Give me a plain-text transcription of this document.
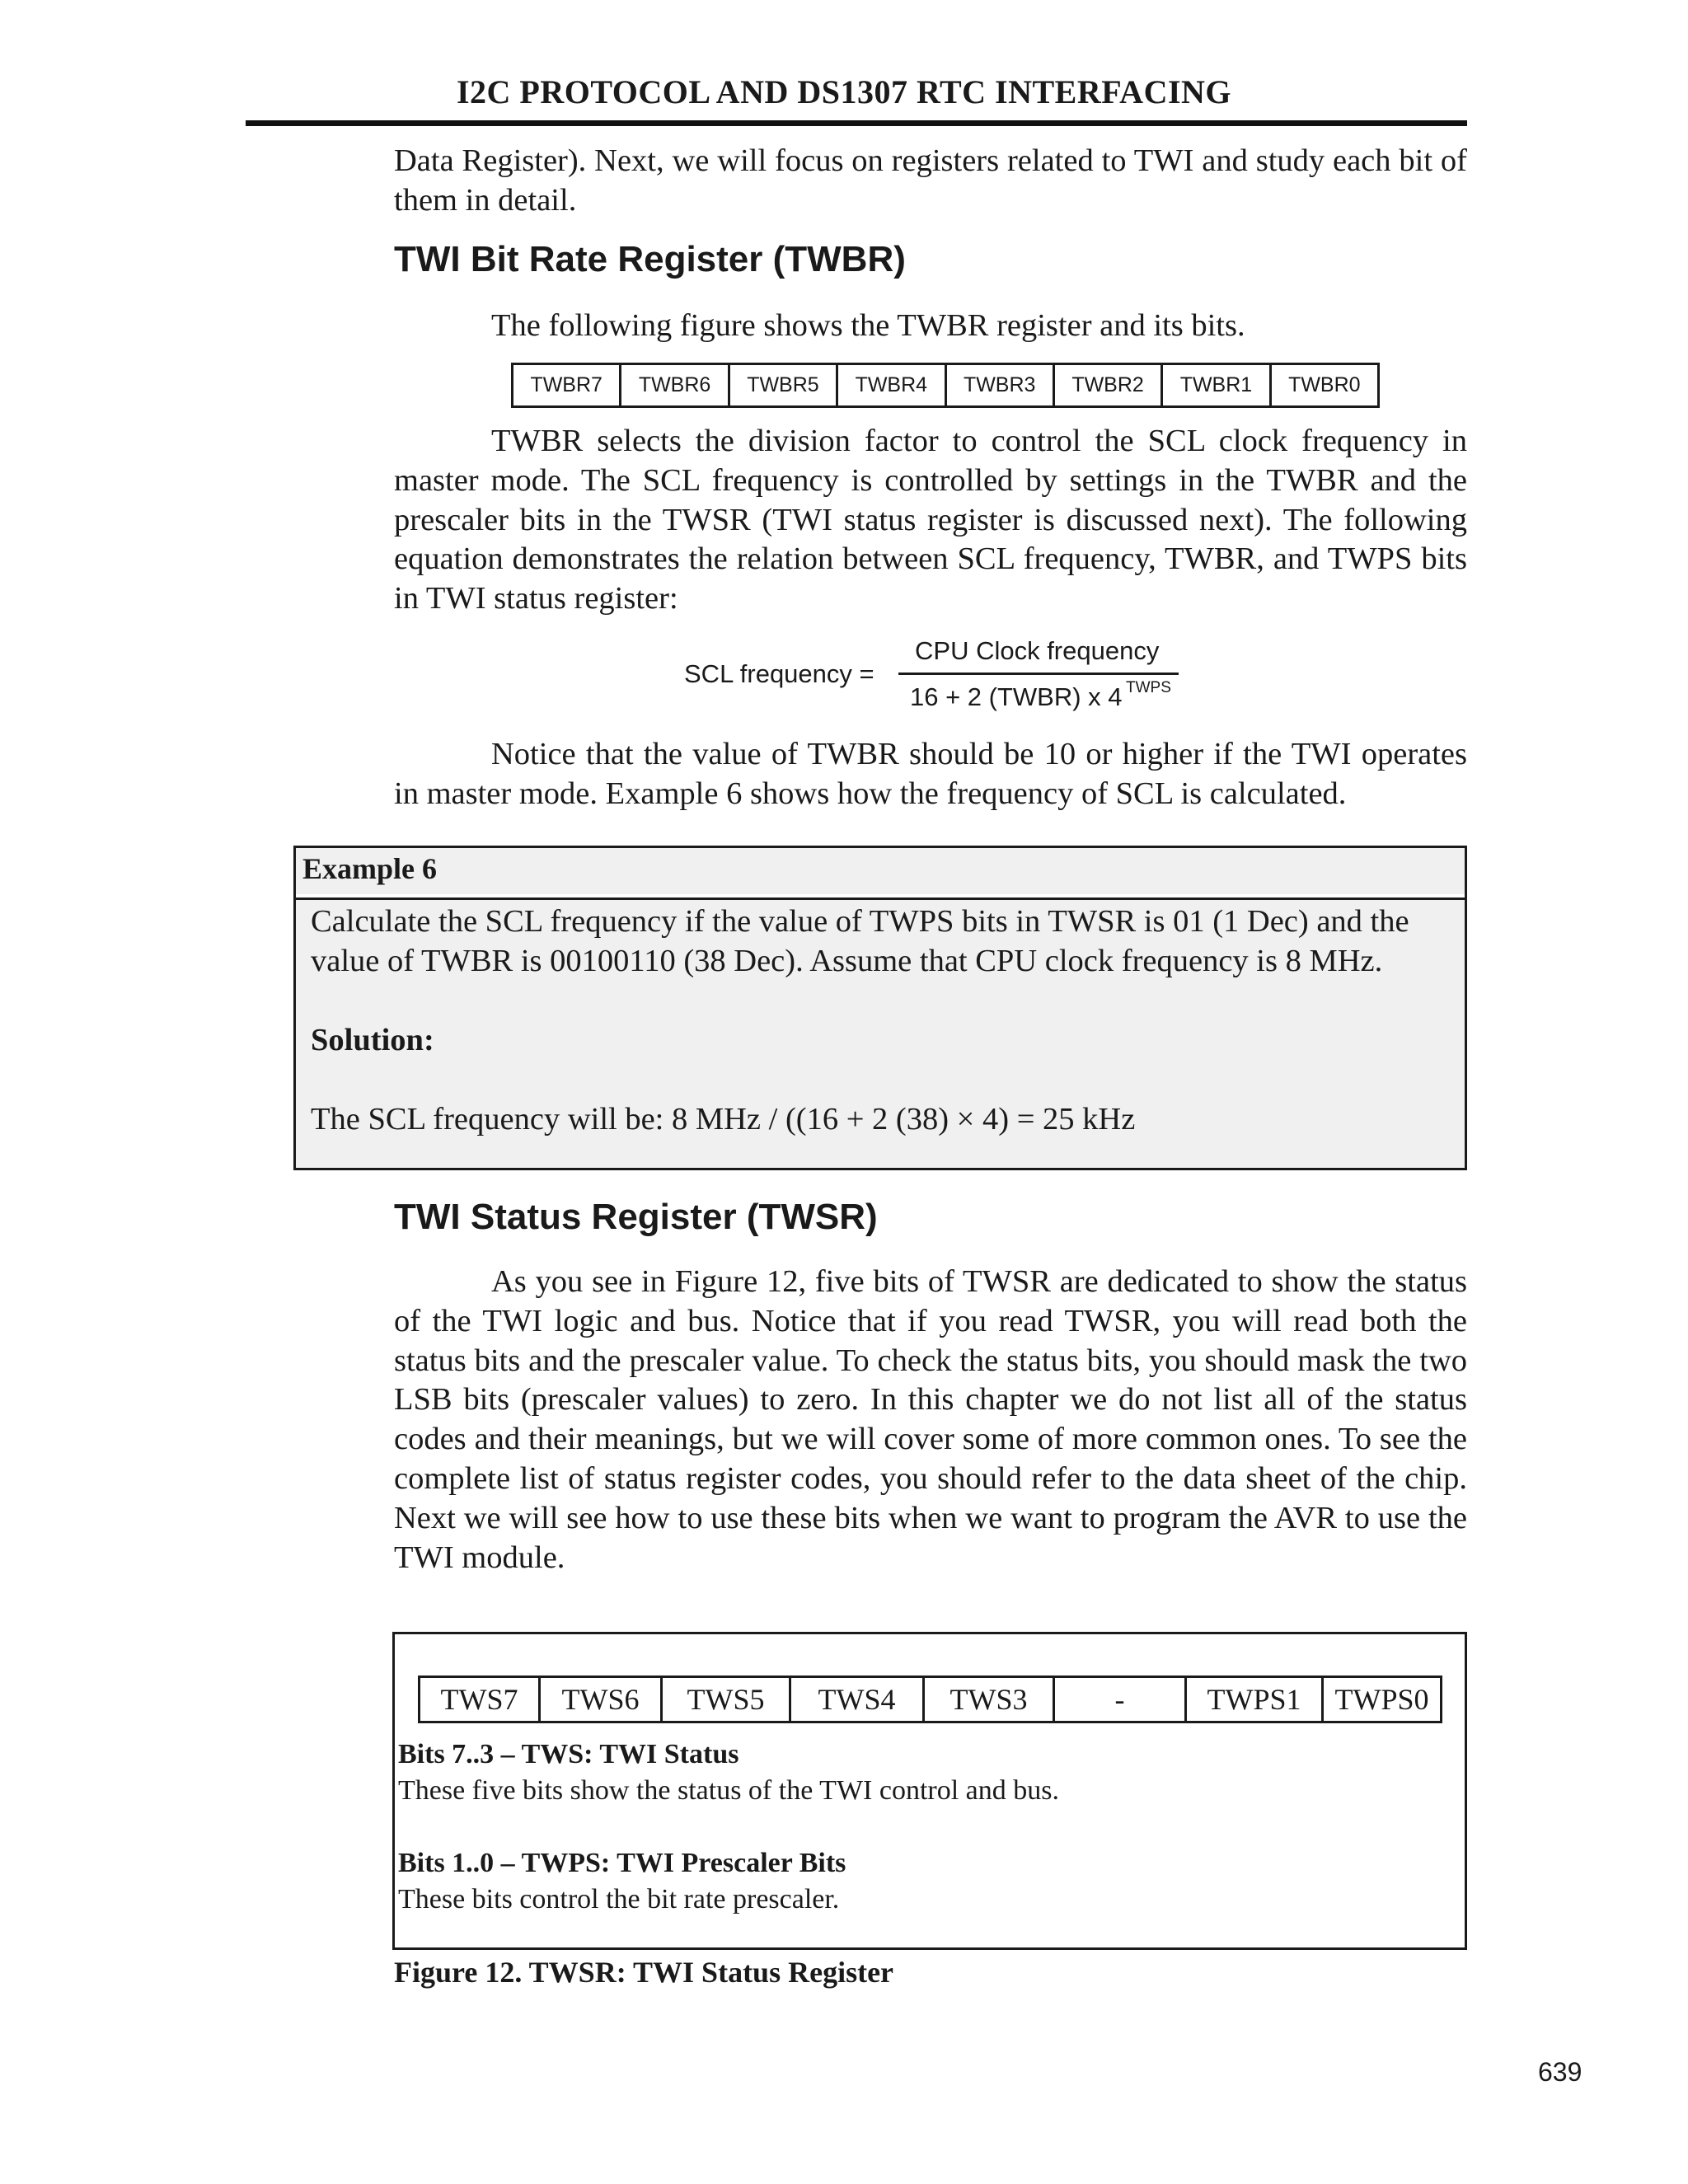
I2C PROTOCOL AND DS1307 RTC INTERFACING
Data Register). Next, we will focus on registers related to TWI and study each bit of them in detail.
TWI Bit Rate Register (TWBR)
The following figure shows the TWBR register and its bits.
TWBR7	TWBR6	TWBR5	TWBR4	TWBR3	TWBR2	TWBR1	TWBR0
TWBR selects the division factor to control the SCL clock frequency in master mode. The SCL frequency is controlled by settings in the TWBR and the prescaler bits in the TWSR (TWI status register is discussed next). The following equation demonstrates the relation between SCL frequency, TWBR, and TWPS bits in TWI status register:
SCL frequency =
CPU Clock frequency
16 + 2 (TWBR) x 4 TWPS
Notice that the value of TWBR should be 10 or higher if the TWI operates in master mode. Example 6 shows how the frequency of SCL is calculated.
Example 6
Calculate the SCL frequency if the value of TWPS bits in TWSR is 01 (1 Dec) and the value of TWBR is 00100110 (38 Dec). Assume that CPU clock frequency is 8 MHz.
Solution:
The SCL frequency will be: 8 MHz / ((16 + 2 (38) × 4) = 25 kHz
TWI Status Register (TWSR)
As you see in Figure 12, five bits of TWSR are dedicated to show the status of the TWI logic and bus. Notice that if you read TWSR, you will read both the status bits and the prescaler value. To check the status bits, you should mask the two LSB bits (prescaler values) to zero. In this chapter we do not list all of the status codes and their meanings, but we will cover some of more common ones. To see the complete list of status register codes, you should refer to the data sheet of the chip. Next we will see how to use these bits when we want to program the AVR to use the TWI module.
TWS7	TWS6	TWS5	TWS4	TWS3	-	TWPS1	TWPS0
Bits 7..3 – TWS: TWI Status
These five bits show the status of the TWI control and bus.
Bits 1..0 – TWPS: TWI Prescaler Bits
These bits control the bit rate prescaler.
Figure 12. TWSR: TWI Status Register
639
